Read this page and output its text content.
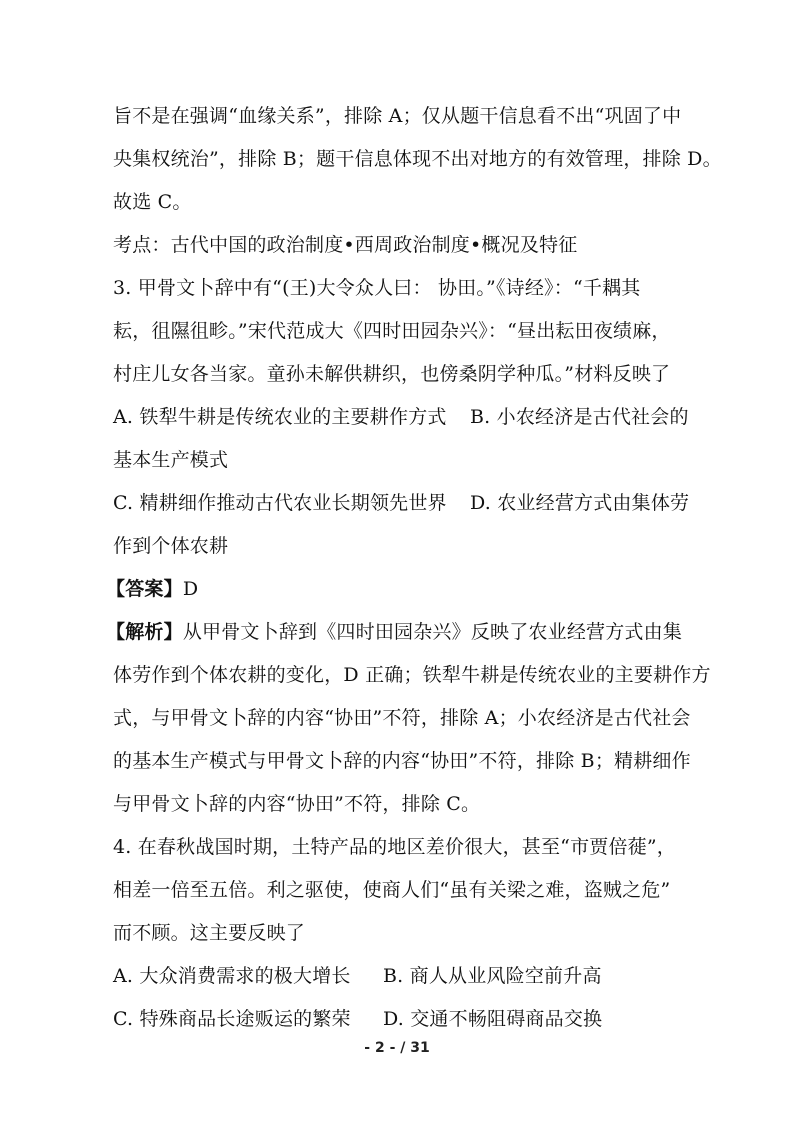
旨不是在强调“血缘关系”，排除 A；仅从题干信息看不出“巩固了中
央集权统治”，排除 B；题干信息体现不出对地方的有效管理，排除 D。
故选 C。
考点：古代中国的政治制度•西周政治制度•概况及特征
3. 甲骨文卜辞中有“(王)大令众人曰： 协田。”《诗经》：“千耦其
耘，徂隰徂畛。”宋代范成大《四时田园杂兴》：“昼出耘田夜绩麻，
村庄儿女各当家。童孙未解供耕织，也傍桑阴学种瓜。”材料反映了
A. 铁犁牛耕是传统农业的主要耕作方式 B. 小农经济是古代社会的
基本生产模式
C. 精耕细作推动古代农业长期领先世界 D. 农业经营方式由集体劳
作到个体农耕
【答案】D
【解析】从甲骨文卜辞到《四时田园杂兴》反映了农业经营方式由集
体劳作到个体农耕的变化，D 正确；铁犁牛耕是传统农业的主要耕作方
式，与甲骨文卜辞的内容“协田”不符，排除 A；小农经济是古代社会
的基本生产模式与甲骨文卜辞的内容“协田”不符，排除 B；精耕细作
与甲骨文卜辞的内容“协田”不符，排除 C。
4. 在春秋战国时期，土特产品的地区差价很大，甚至“市贾倍蓰”，
相差一倍至五倍。利之驱使，使商人们“虽有关梁之难，盗贼之危”
而不顾。这主要反映了
A. 大众消费需求的极大增长 B. 商人从业风险空前升高
C. 特殊商品长途贩运的繁荣 D. 交通不畅阻碍商品交换
- 2 - / 31
